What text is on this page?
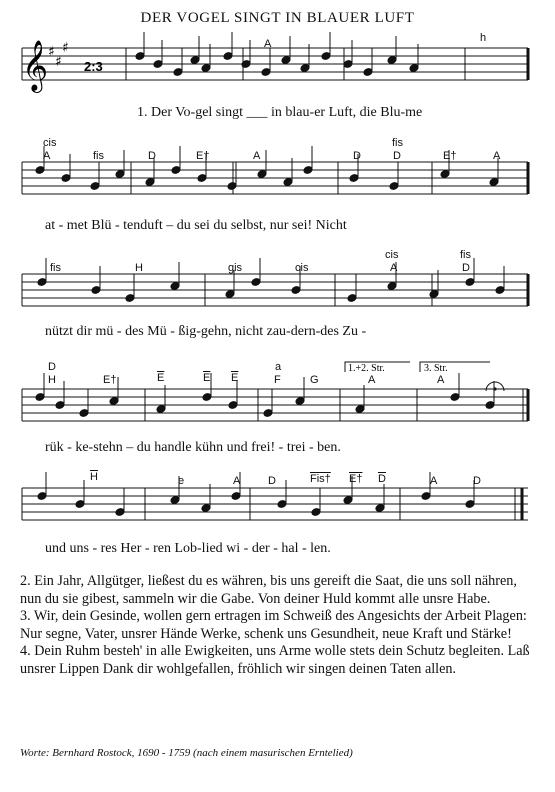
DER VOGEL SINGT IN BLAUER LUFT
𝄞 ♯
♯
♯
2:3
1.+2. Str.	3. Str.
A	h
cis
A	fis	D	E†	A	D
fis
D	E†	A
fis	H	gis	cis
cis
A
fis
D
D
H	E†	$\overline{E}$	$\overline{E}$ $\overline{E}$
a
F	G	A	A
$\overline{H}$	e	A	D	Fis† E† $\overline{D}$	A	D
1. Der Vo-gel singt ___ in blau-er Luft, die Blu-me
at - met Blü - tenduft – du sei du selbst, nur sei! Nicht
nützt dir mü - des Mü - ßig-gehn, nicht zau-dern-des Zu -
rük - ke-stehn – du handle kühn und frei! - trei - ben.
und uns - res Her - ren Lob-lied wi - der - hal - len.

2. Ein Jahr, Allgütger, ließest du es währen, bis uns gereift die Saat, die uns soll nähren, nun du sie gibest, sammeln wir die Gabe. Von deiner Huld kommt alle unsre Habe.

3. Wir, dein Gesinde, wollen gern ertragen im Schweiß des Angesichts der Arbeit Plagen: Nur segne, Vater, unsrer Hände Werke, schenk uns Gesundheit, neue Kraft und Stärke!

4. Dein Ruhm besteh' in alle Ewigkeiten, uns Arme wolle stets dein Schutz begleiten. Laß unsrer Lippen Dank dir wohlgefallen, fröhlich wir singen deinen Taten allen.

Worte: Bernhard Rostock, 1690 - 1759 (nach einem masurischen Erntelied)
